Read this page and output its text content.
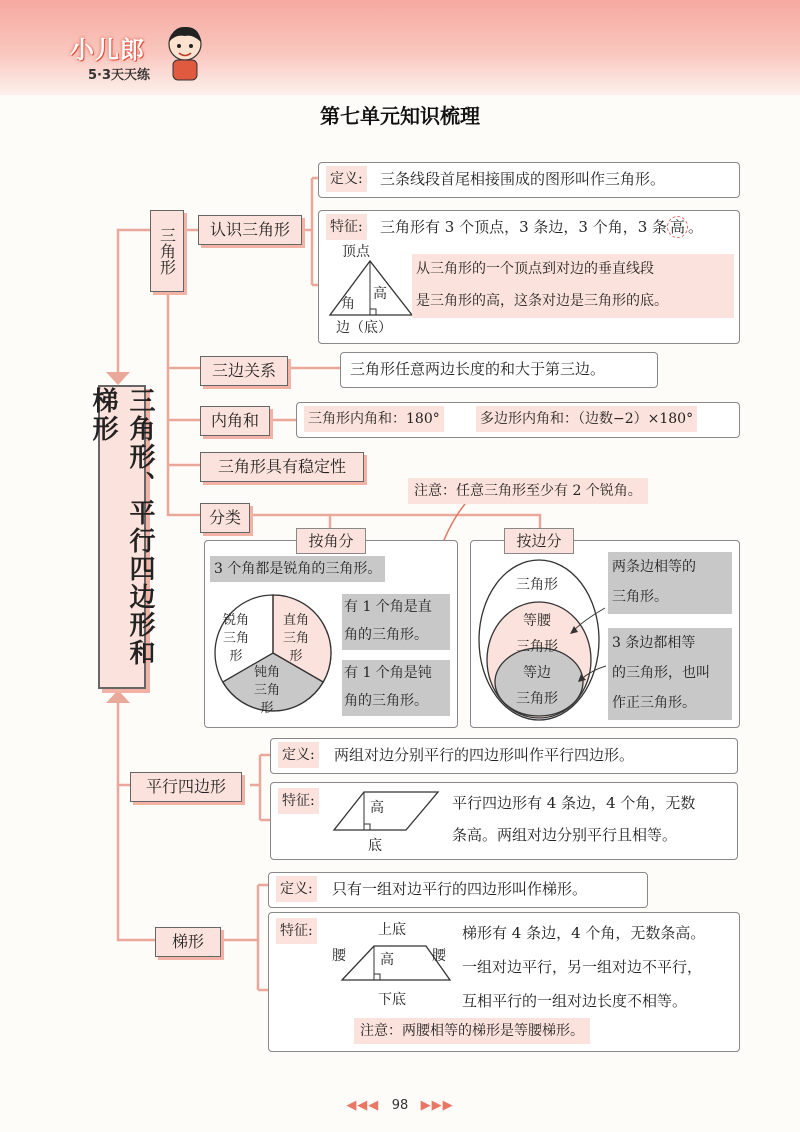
小儿郎
5·3天天练
第七单元知识梳理
三角形、平行四边形和梯形
三角形	认识三角形
定义: 三条线段首尾相接围成的图形叫作三角形。
特征: 三角形有 3 个顶点，3 条边，3 个角，3 条 高 。
顶点
高
角
边（底）
从三角形的一个顶点到对边的垂直线段
是三角形的高，这条对边是三角形的底。
三边关系	三角形任意两边长度的和大于第三边。
内角和	三角形内角和：180°	多边形内角和：（边数−2）×180°
三角形具有稳定性
分类
注意：任意三角形至少有 2 个锐角。
按角分
3 个角都是锐角的三角形。
锐角三角形
直角三角形
钝角三角形
有 1 个角是直
角的三角形。
有 1 个角是钝
角的三角形。
按边分
三角形
等腰
三角形
等边
三角形
两条边相等的
三角形。
3 条边都相等
的三角形，也叫
作正三角形。
平行四边形
定义: 两组对边分别平行的四边形叫作平行四边形。
特征:	高
底
平行四边形有 4 条边，4 个角，无数
条高。两组对边分别平行且相等。
梯形
定义: 只有一组对边平行的四边形叫作梯形。
特征:	上底
腰 高	腰
下底
梯形有 4 条边，4 个角，无数条高。
一组对边平行，另一组对边不平行，
互相平行的一组对边长度不相等。
注意：两腰相等的梯形是等腰梯形。
◀◀◀ 98 ▶▶▶
